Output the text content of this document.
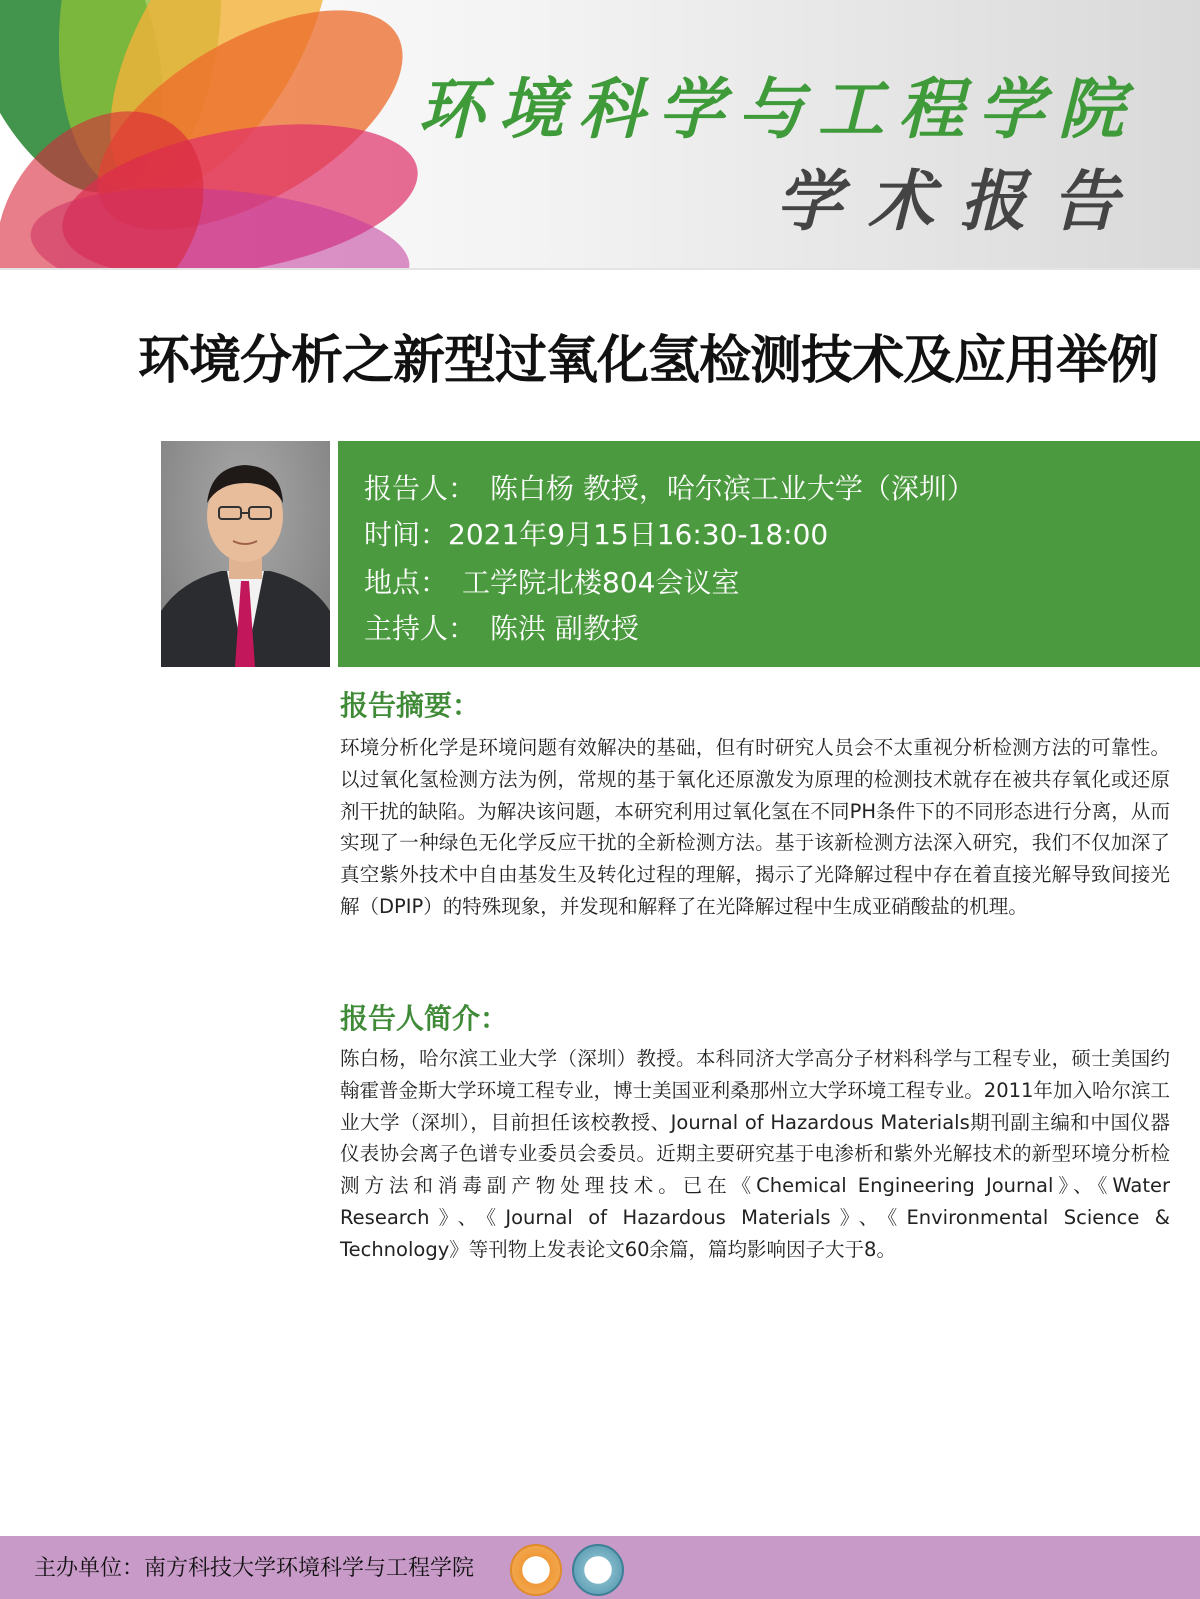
环境科学与工程学院
学术报告
环境分析之新型过氧化氢检测技术及应用举例
报告人： 陈白杨 教授，哈尔滨工业大学（深圳）
时间：2021年9月15日16:30-18:00
地点： 工学院北楼804会议室
主持人： 陈洪 副教授
报告摘要：
环境分析化学是环境问题有效解决的基础，但有时研究人员会不太重视分析检测方法的可靠性。以过氧化氢检测方法为例，常规的基于氧化还原激发为原理的检测技术就存在被共存氧化或还原剂干扰的缺陷。为解决该问题，本研究利用过氧化氢在不同PH条件下的不同形态进行分离，从而实现了一种绿色无化学反应干扰的全新检测方法。基于该新检测方法深入研究，我们不仅加深了真空紫外技术中自由基发生及转化过程的理解，揭示了光降解过程中存在着直接光解导致间接光解（DPIP）的特殊现象，并发现和解释了在光降解过程中生成亚硝酸盐的机理。
报告人简介：
陈白杨，哈尔滨工业大学（深圳）教授。本科同济大学高分子材料科学与工程专业，硕士美国约翰霍普金斯大学环境工程专业，博士美国亚利桑那州立大学环境工程专业。2011年加入哈尔滨工业大学（深圳），目前担任该校教授、Journal of Hazardous Materials期刊副主编和中国仪器仪表协会离子色谱专业委员会委员。近期主要研究基于电渗析和紫外光解技术的新型环境分析检测方法和消毒副产物处理技术。已在《Chemical Engineering Journal》、《Water Research》、《Journal of Hazardous Materials》、《Environmental Science & Technology》等刊物上发表论文60余篇，篇均影响因子大于8。
主办单位：南方科技大学环境科学与工程学院
